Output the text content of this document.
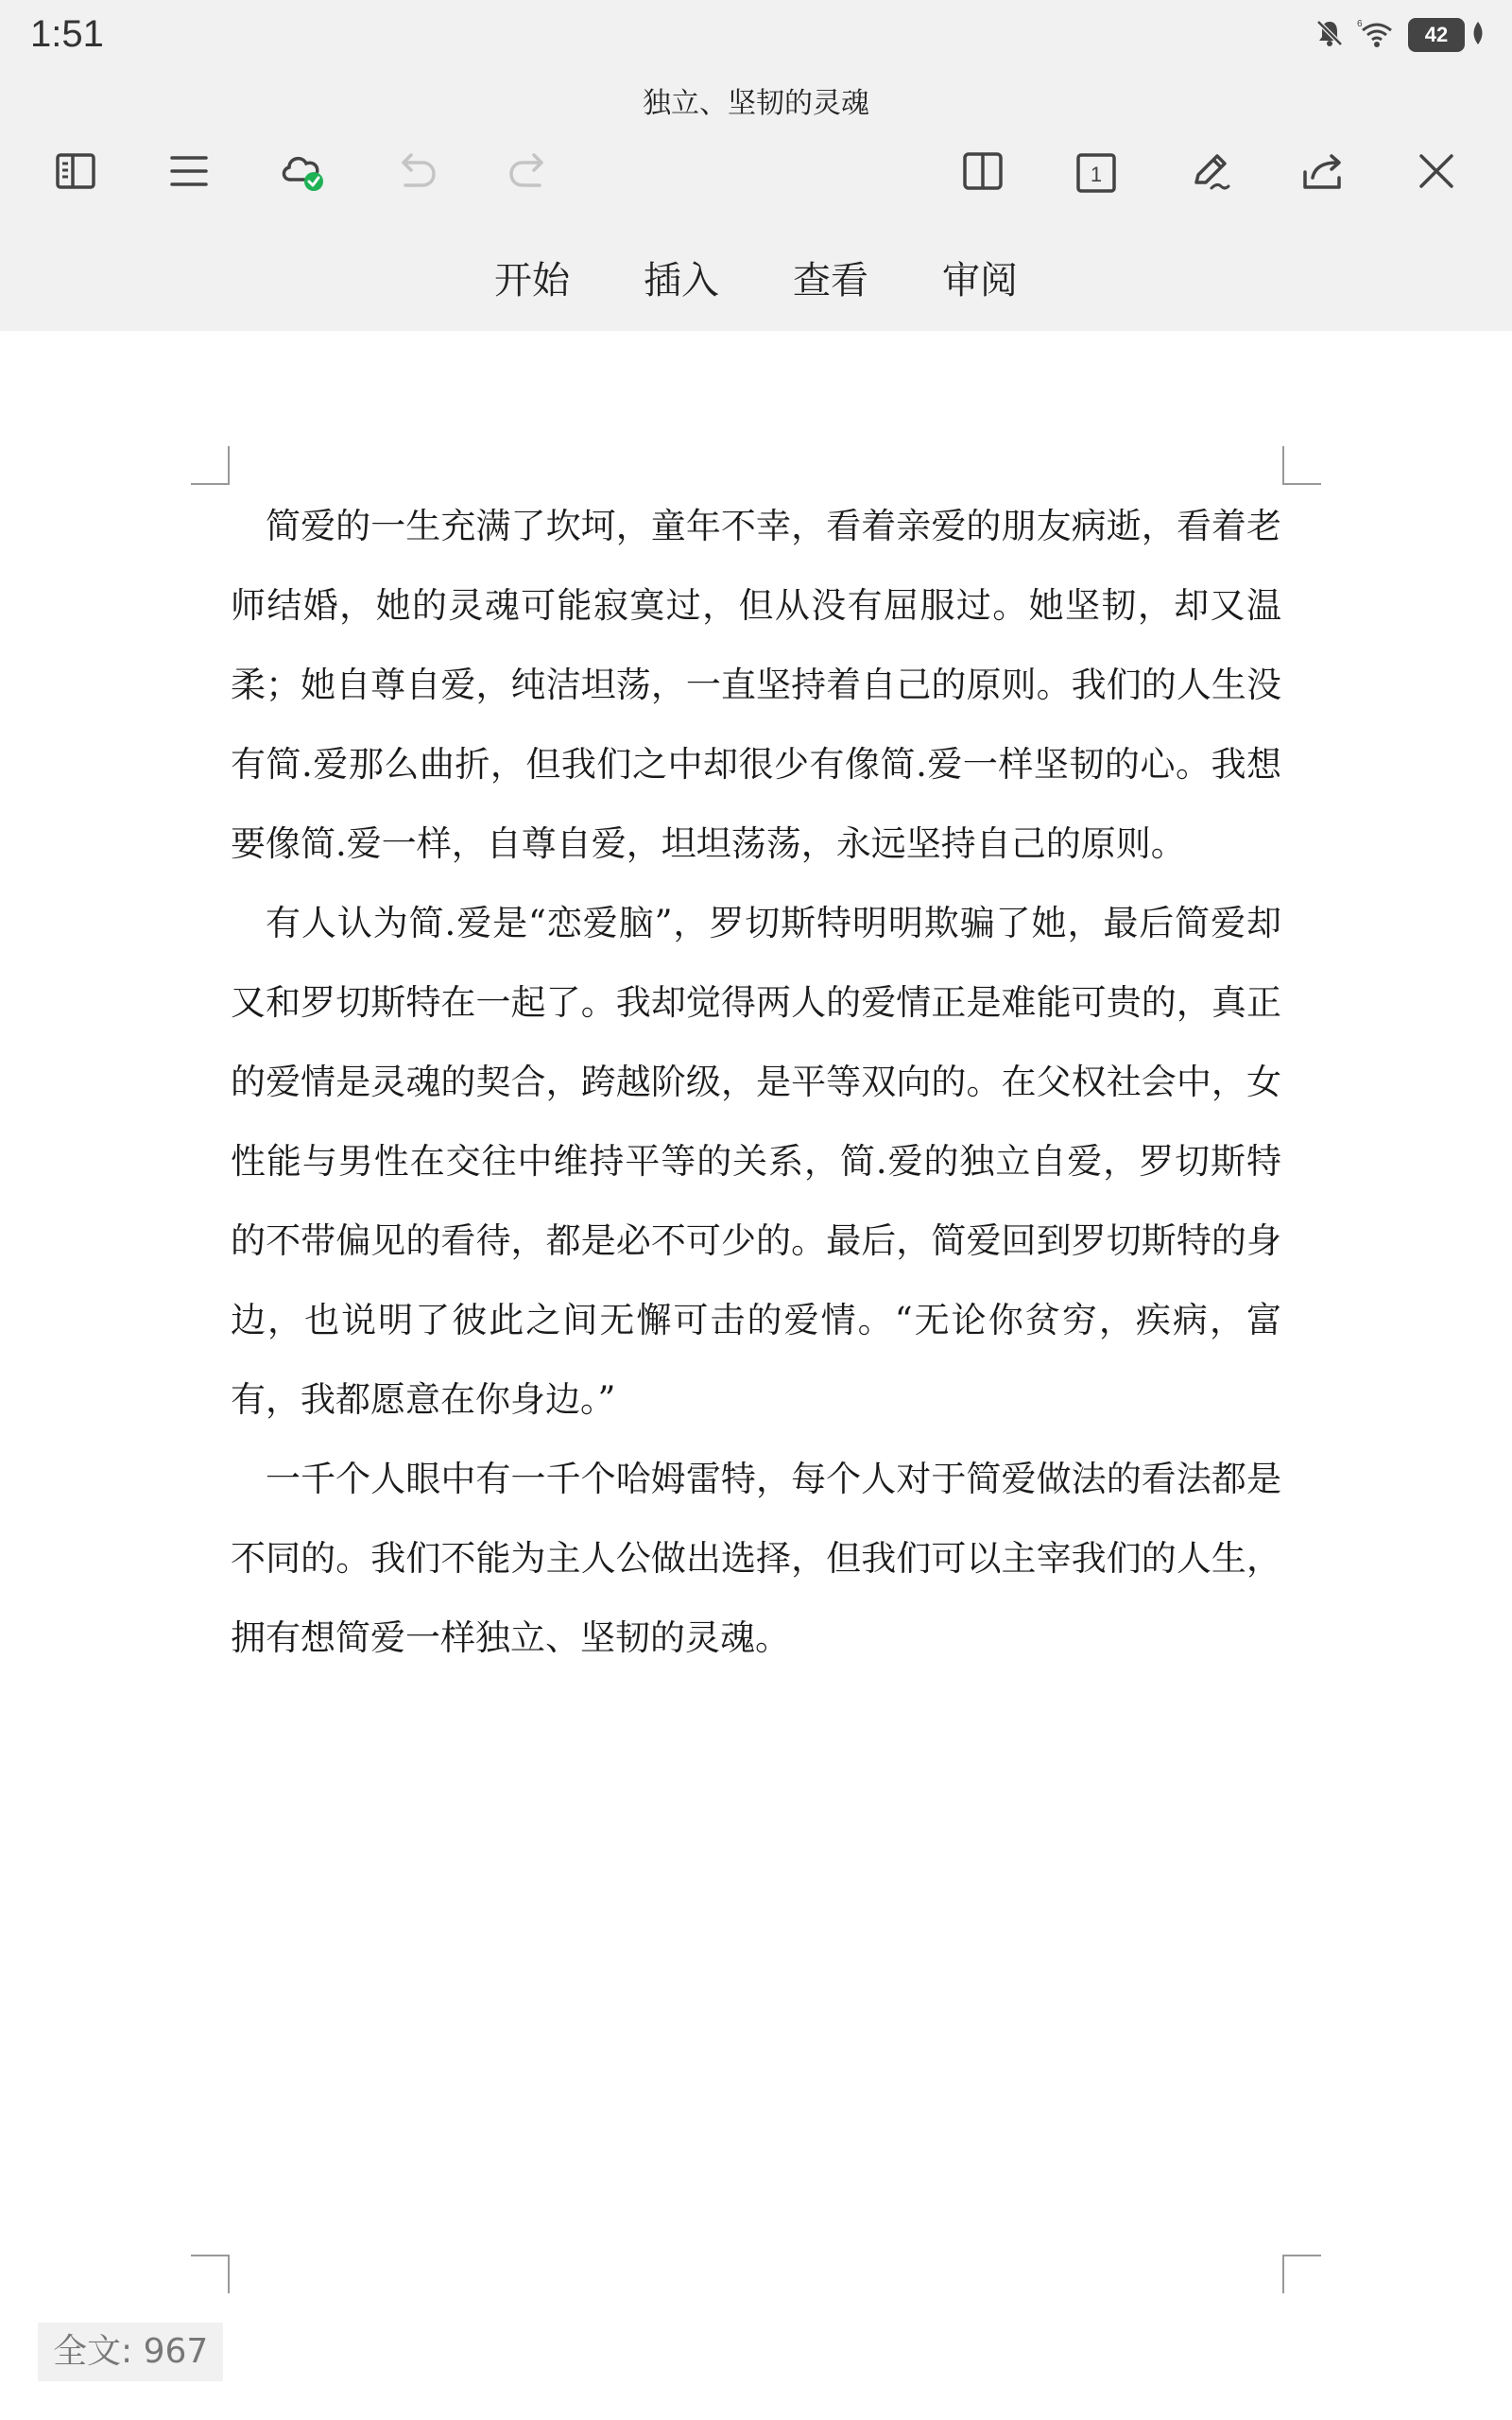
1:51	6	42
独立、坚韧的灵魂
1
开始 插入 查看 审阅

简爱的一生充满了坎坷，童年不幸，看着亲爱的朋友病逝，看着老师结婚，她的灵魂可能寂寞过，但从没有屈服过。她坚韧，却又温柔；她自尊自爱，纯洁坦荡，一直坚持着自己的原则。我们的人生没有简.爱那么曲折，但我们之中却很少有像简.爱一样坚韧的心。我想要像简.爱一样，自尊自爱，坦坦荡荡，永远坚持自己的原则。

有人认为简.爱是“恋爱脑”，罗切斯特明明欺骗了她，最后简爱却又和罗切斯特在一起了。我却觉得两人的爱情正是难能可贵的，真正的爱情是灵魂的契合，跨越阶级，是平等双向的。在父权社会中，女性能与男性在交往中维持平等的关系，简.爱的独立自爱，罗切斯特的不带偏见的看待，都是必不可少的。最后，简爱回到罗切斯特的身边，也说明了彼此之间无懈可击的爱情。“无论你贫穷，疾病，富有，我都愿意在你身边。”

一千个人眼中有一千个哈姆雷特，每个人对于简爱做法的看法都是不同的。我们不能为主人公做出选择，但我们可以主宰我们的人生，拥有想简爱一样独立、坚韧的灵魂。

全文: 967
